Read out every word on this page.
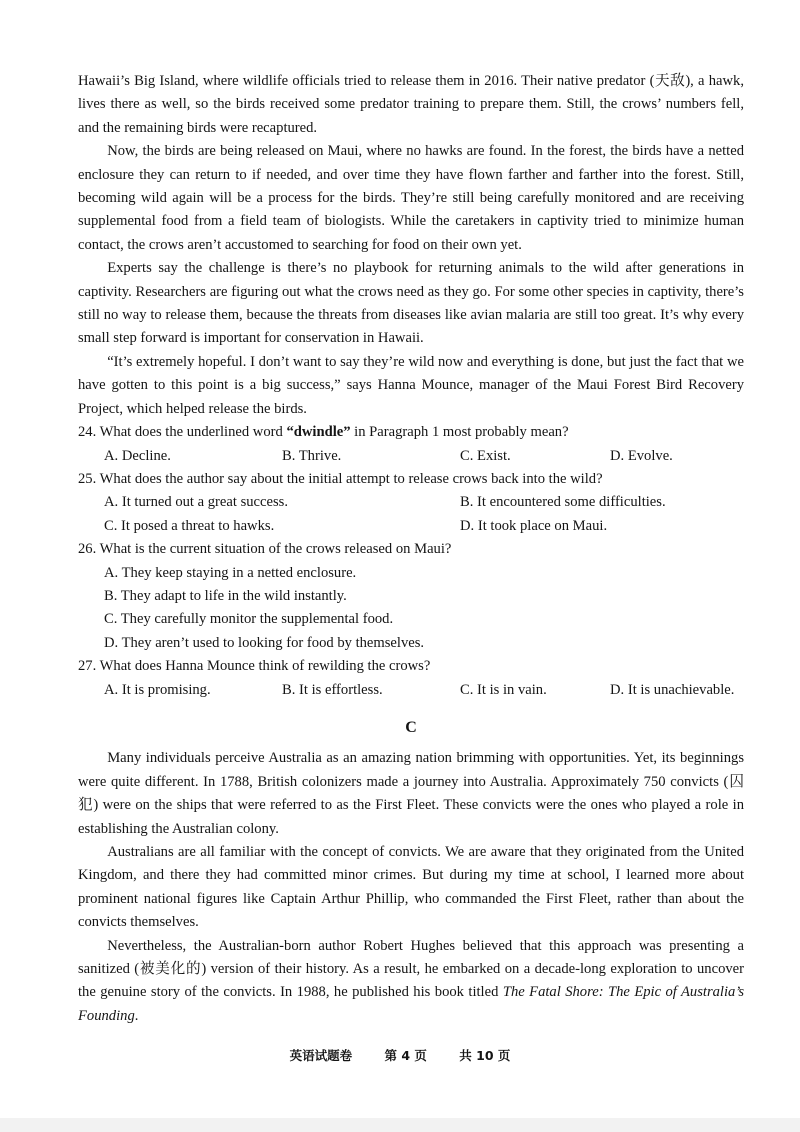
Hawaii’s Big Island, where wildlife officials tried to release them in 2016. Their native predator (天敌), a hawk, lives there as well, so the birds received some predator training to prepare them. Still, the crows’ numbers fell, and the remaining birds were recaptured.

Now, the birds are being released on Maui, where no hawks are found. In the forest, the birds have a netted enclosure they can return to if needed, and over time they have flown farther and farther into the forest. Still, becoming wild again will be a process for the birds. They’re still being carefully monitored and are receiving supplemental food from a field team of biologists. While the caretakers in captivity tried to minimize human contact, the crows aren’t accustomed to searching for food on their own yet.

Experts say the challenge is there’s no playbook for returning animals to the wild after generations in captivity. Researchers are figuring out what the crows need as they go. For some other species in captivity, there’s still no way to release them, because the threats from diseases like avian malaria are still too great. It’s why every small step forward is important for conservation in Hawaii.

“It’s extremely hopeful. I don’t want to say they’re wild now and everything is done, but just the fact that we have gotten to this point is a big success,” says Hanna Mounce, manager of the Maui Forest Bird Recovery Project, which helped release the birds.

24. What does the underlined word “dwindle” in Paragraph 1 most probably mean?

A. Decline.	B. Thrive.	C. Exist.	D. Evolve.

25. What does the author say about the initial attempt to release crows back into the wild?

A. It turned out a great success.	B. It encountered some difficulties.
C. It posed a threat to hawks.	D. It took place on Maui.

26. What is the current situation of the crows released on Maui?

A. They keep staying in a netted enclosure.

B. They adapt to life in the wild instantly.

C. They carefully monitor the supplemental food.

D. They aren’t used to looking for food by themselves.

27. What does Hanna Mounce think of rewilding the crows?

A. It is promising.	B. It is effortless.	C. It is in vain.	D. It is unachievable.
C

Many individuals perceive Australia as an amazing nation brimming with opportunities. Yet, its beginnings were quite different. In 1788, British colonizers made a journey into Australia. Approximately 750 convicts (囚犯) were on the ships that were referred to as the First Fleet. These convicts were the ones who played a role in establishing the Australian colony.

Australians are all familiar with the concept of convicts. We are aware that they originated from the United Kingdom, and there they had committed minor crimes. But during my time at school, I learned more about prominent national figures like Captain Arthur Phillip, who commanded the First Fleet, rather than about the convicts themselves.

Nevertheless, the Australian-born author Robert Hughes believed that this approach was presenting a sanitized (被美化的) version of their history. As a result, he embarked on a decade-long exploration to uncover the genuine story of the convicts. In 1988, he published his book titled The Fatal Shore: The Epic of Australia’s Founding.

英语试题卷	第 4 页	共 10 页
